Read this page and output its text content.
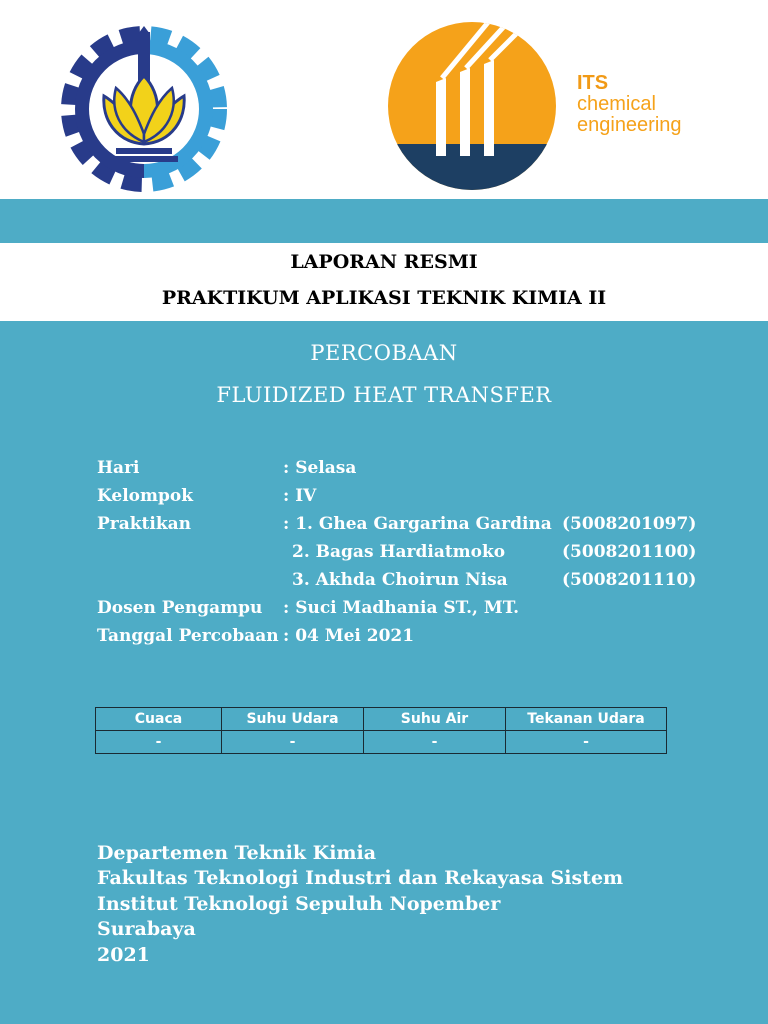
ITS
chemical
engineering
LAPORAN RESMI
PRAKTIKUM APLIKASI TEKNIK KIMIA II
PERCOBAAN
FLUIDIZED HEAT TRANSFER
Hari	: Selasa
Kelompok	: IV
Praktikan	: 1. Ghea Gargarina Gardina (5008201097)
2. Bagas Hardiatmoko	(5008201100)
3. Akhda Choirun Nisa	(5008201110)
Dosen Pengampu : Suci Madhania ST., MT.
Tanggal Percobaan : 04 Mei 2021
Cuaca	Suhu Udara	Suhu Air	Tekanan Udara
-	-	-	-
Departemen Teknik Kimia
Fakultas Teknologi Industri dan Rekayasa Sistem
Institut Teknologi Sepuluh Nopember
Surabaya
2021
